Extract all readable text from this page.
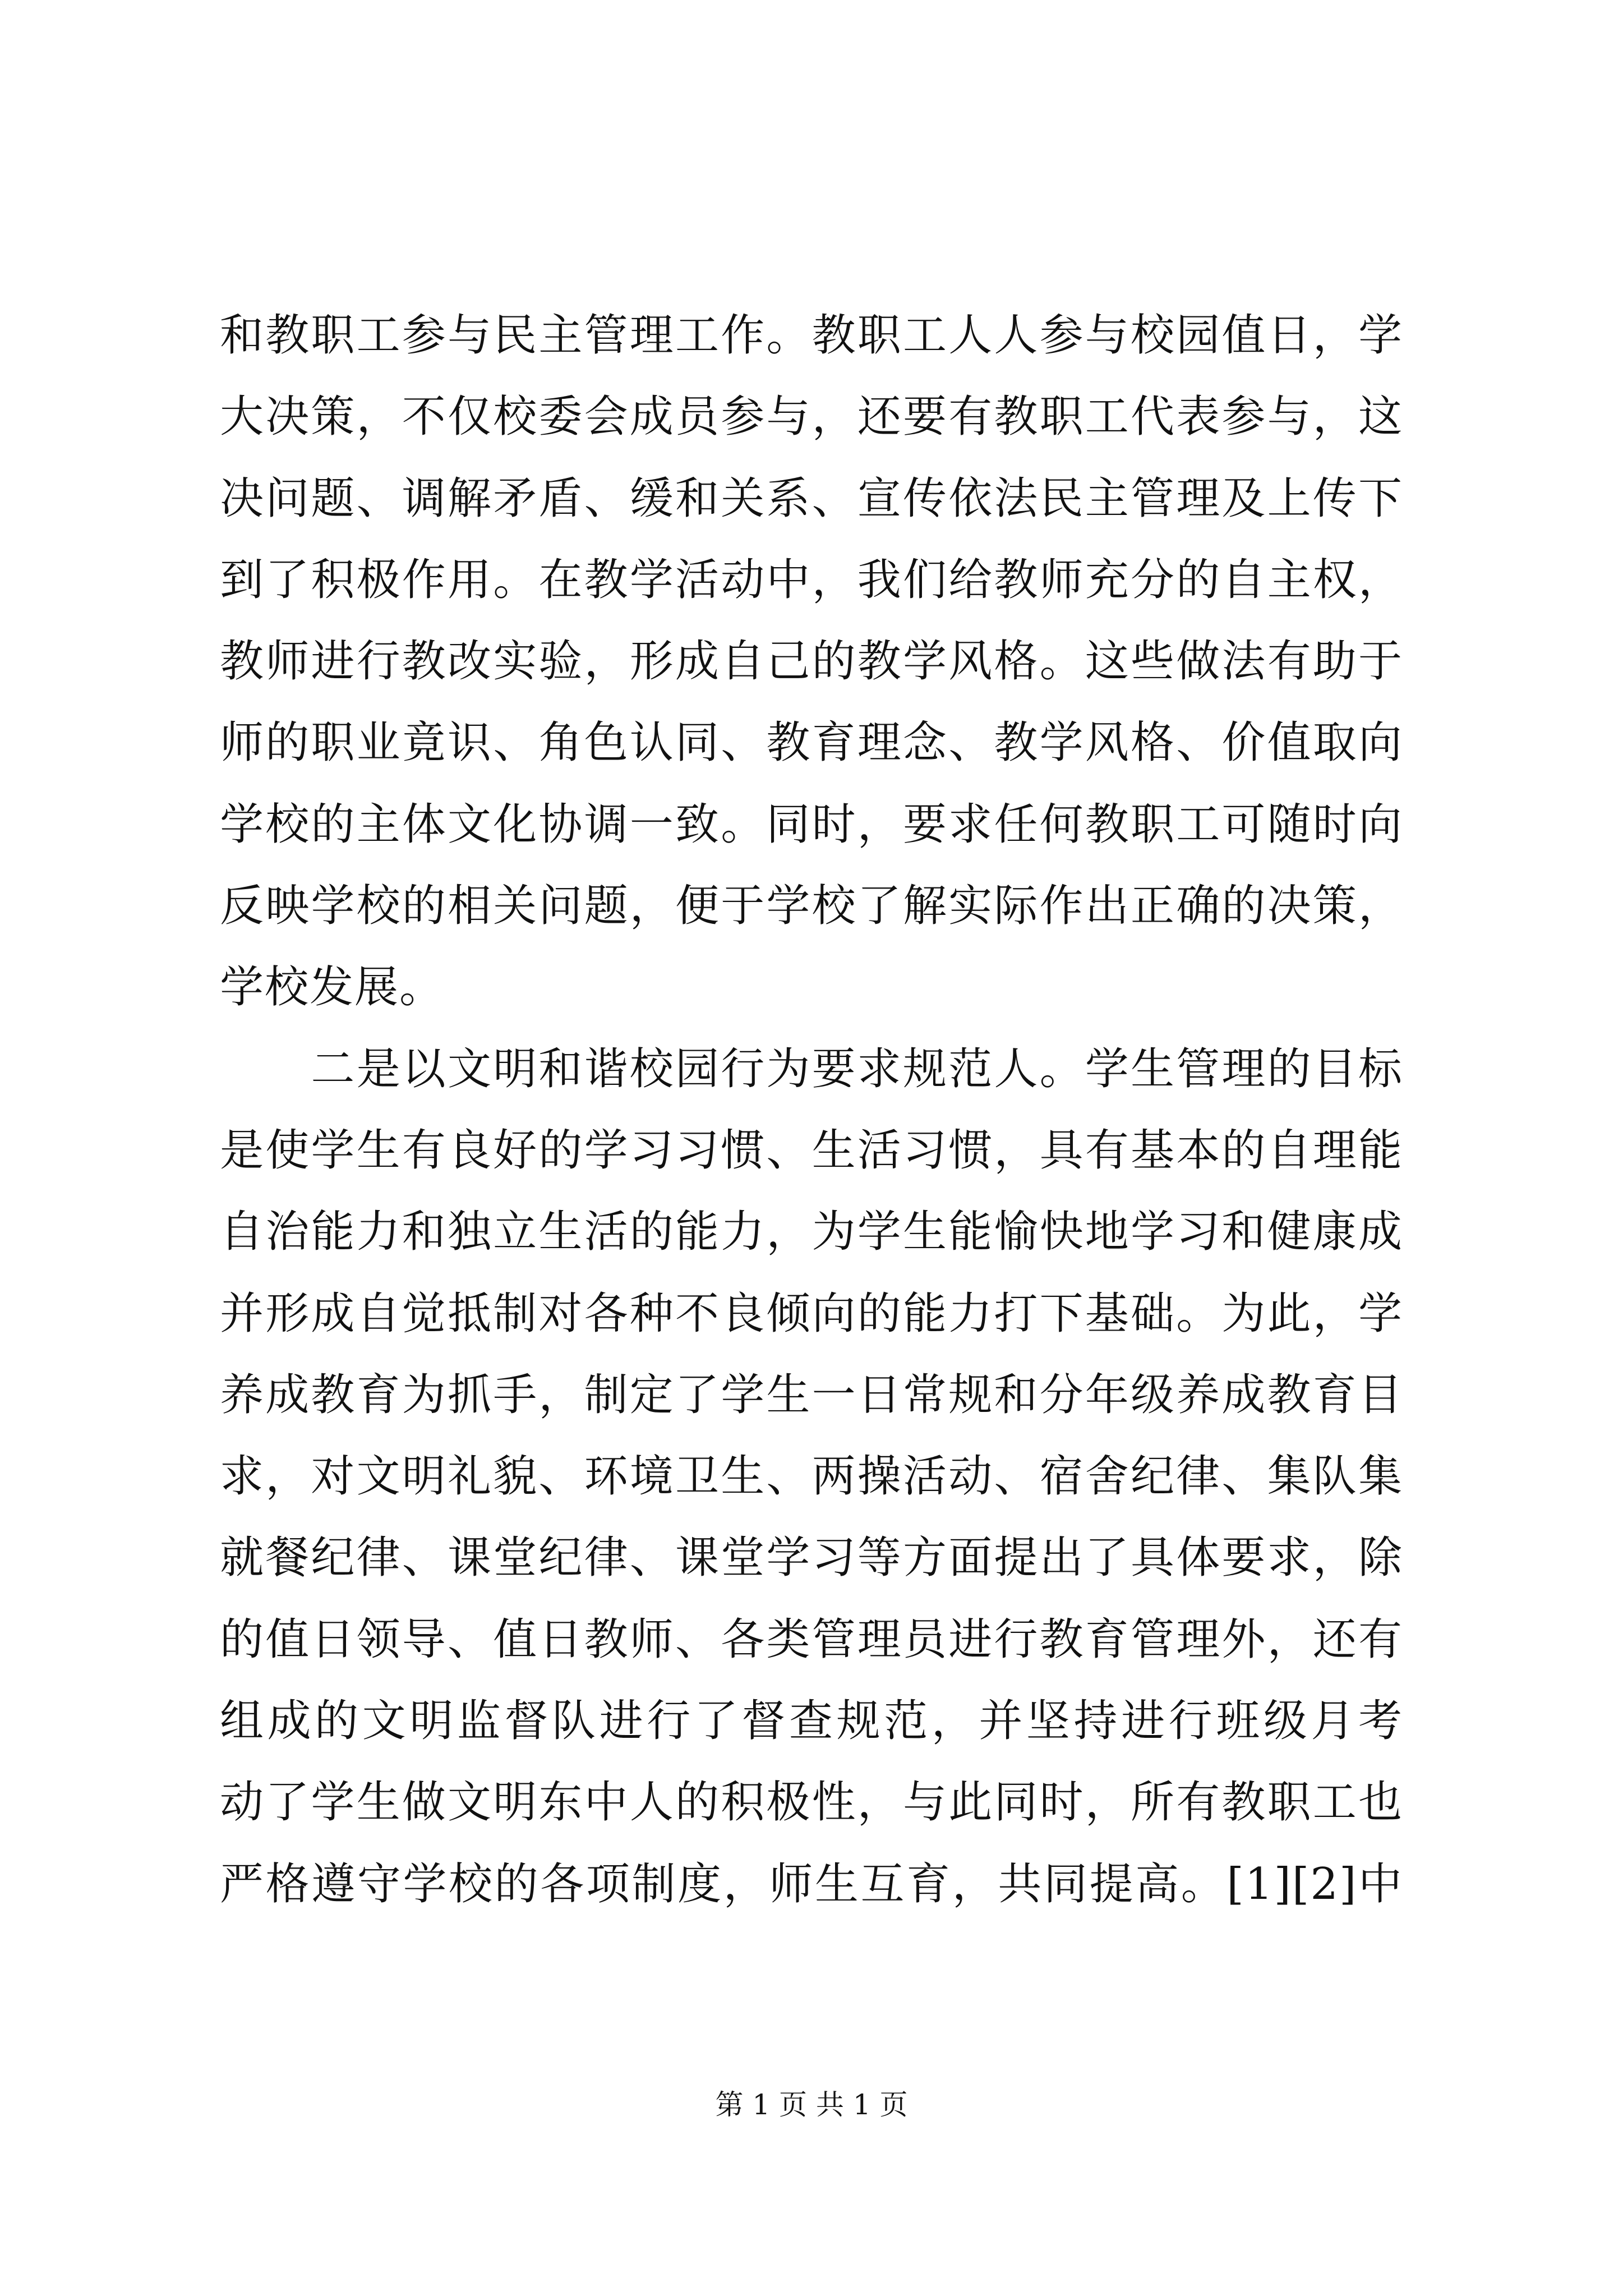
和教职工参与民主管理工作。教职工人人参与校园值日，学
大决策，不仅校委会成员参与，还要有教职工代表参与，这
决问题、调解矛盾、缓和关系、宣传依法民主管理及上传下
到了积极作用。在教学活动中，我们给教师充分的自主权，
教师进行教改实验，形成自己的教学风格。这些做法有助于
师的职业竟识、角色认同、教育理念、教学风格、价值取向
学校的主体文化协调一致。同时，要求任何教职工可随时向
反映学校的相关问题，便于学校了解实际作出正确的决策，
学校发展。
　　二是以文明和谐校园行为要求规范人。学生管理的目标
是使学生有良好的学习习惯、生活习惯，具有基本的自理能
自治能力和独立生活的能力，为学生能愉快地学习和健康成
并形成自觉抵制对各种不良倾向的能力打下基础。为此，学
养成教育为抓手，制定了学生一日常规和分年级养成教育目
求，对文明礼貌、环境卫生、两操活动、宿舍纪律、集队集
就餐纪律、课堂纪律、课堂学习等方面提出了具体要求，除
的值日领导、值日教师、各类管理员进行教育管理外，还有
组成的文明监督队进行了督查规范，并坚持进行班级月考
动了学生做文明东中人的积极性，与此同时，所有教职工也
严格遵守学校的各项制度，师生互育，共同提高。[1][2]中
第 1 页 共 1 页
